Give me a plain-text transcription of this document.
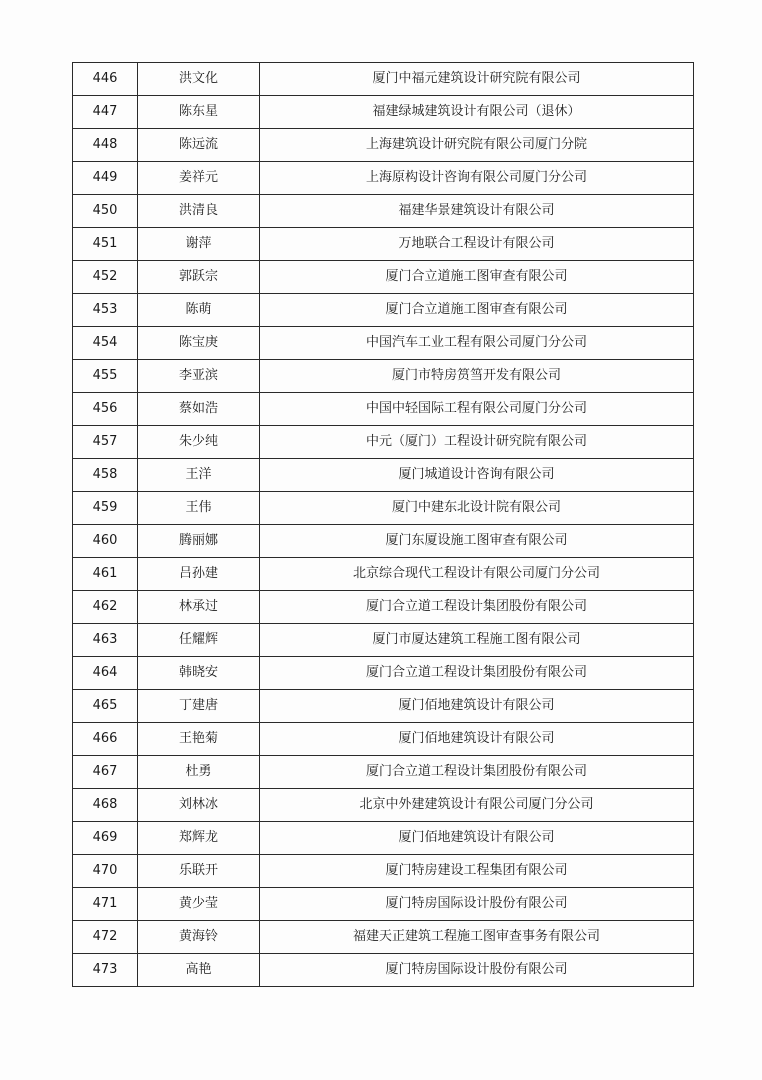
446	洪文化	厦门中福元建筑设计研究院有限公司
447	陈东星	福建绿城建筑设计有限公司（退休）
448	陈远流	上海建筑设计研究院有限公司厦门分院
449	姜祥元	上海原构设计咨询有限公司厦门分公司
450	洪清良	福建华景建筑设计有限公司
451	谢萍	万地联合工程设计有限公司
452	郭跃宗	厦门合立道施工图审查有限公司
453	陈萌	厦门合立道施工图审查有限公司
454	陈宝庚	中国汽车工业工程有限公司厦门分公司
455	李亚滨	厦门市特房筼筜开发有限公司
456	蔡如浩	中国中轻国际工程有限公司厦门分公司
457	朱少纯	中元（厦门）工程设计研究院有限公司
458	王洋	厦门城道设计咨询有限公司
459	王伟	厦门中建东北设计院有限公司
460	腾丽娜	厦门东厦设施工图审查有限公司
461	吕孙建	北京综合现代工程设计有限公司厦门分公司
462	林承过	厦门合立道工程设计集团股份有限公司
463	任耀辉	厦门市厦达建筑工程施工图有限公司
464	韩晓安	厦门合立道工程设计集团股份有限公司
465	丁建唐	厦门佰地建筑设计有限公司
466	王艳菊	厦门佰地建筑设计有限公司
467	杜勇	厦门合立道工程设计集团股份有限公司
468	刘林冰	北京中外建建筑设计有限公司厦门分公司
469	郑辉龙	厦门佰地建筑设计有限公司
470	乐联开	厦门特房建设工程集团有限公司
471	黄少莹	厦门特房国际设计股份有限公司
472	黄海铃	福建天正建筑工程施工图审查事务有限公司
473	高艳	厦门特房国际设计股份有限公司
